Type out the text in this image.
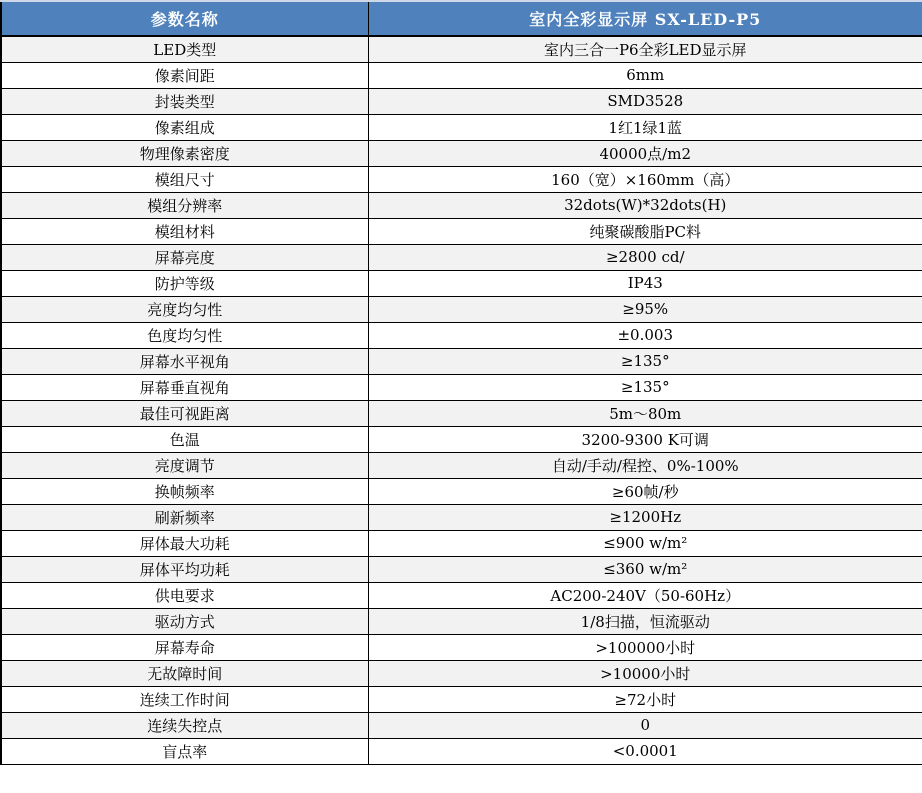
参数名称	室内全彩显示屏 SX-LED-P5
LED类型	室内三合一P6全彩LED显示屏
像素间距	6mm
封装类型	SMD3528
像素组成	1红1绿1蓝
物理像素密度	40000点/m2
模组尺寸	160（宽）×160mm（高）
模组分辨率	32dots(W)*32dots(H)
模组材料	纯聚碳酸脂PC料
屏幕亮度	≥2800 cd/
防护等级	IP43
亮度均匀性	≥95%
色度均匀性	±0.003
屏幕水平视角	≥135°
屏幕垂直视角	≥135°
最佳可视距离	5m～80m
色温	3200-9300 K可调
亮度调节	自动/手动/程控、0%-100%
换帧频率	≥60帧/秒
刷新频率	≥1200Hz
屏体最大功耗	≤900 w/m²
屏体平均功耗	≤360 w/m²
供电要求	AC200-240V（50-60Hz）
驱动方式	1/8扫描，恒流驱动
屏幕寿命	>100000小时
无故障时间	>10000小时
连续工作时间	≥72小时
连续失控点	0
盲点率	<0.0001
